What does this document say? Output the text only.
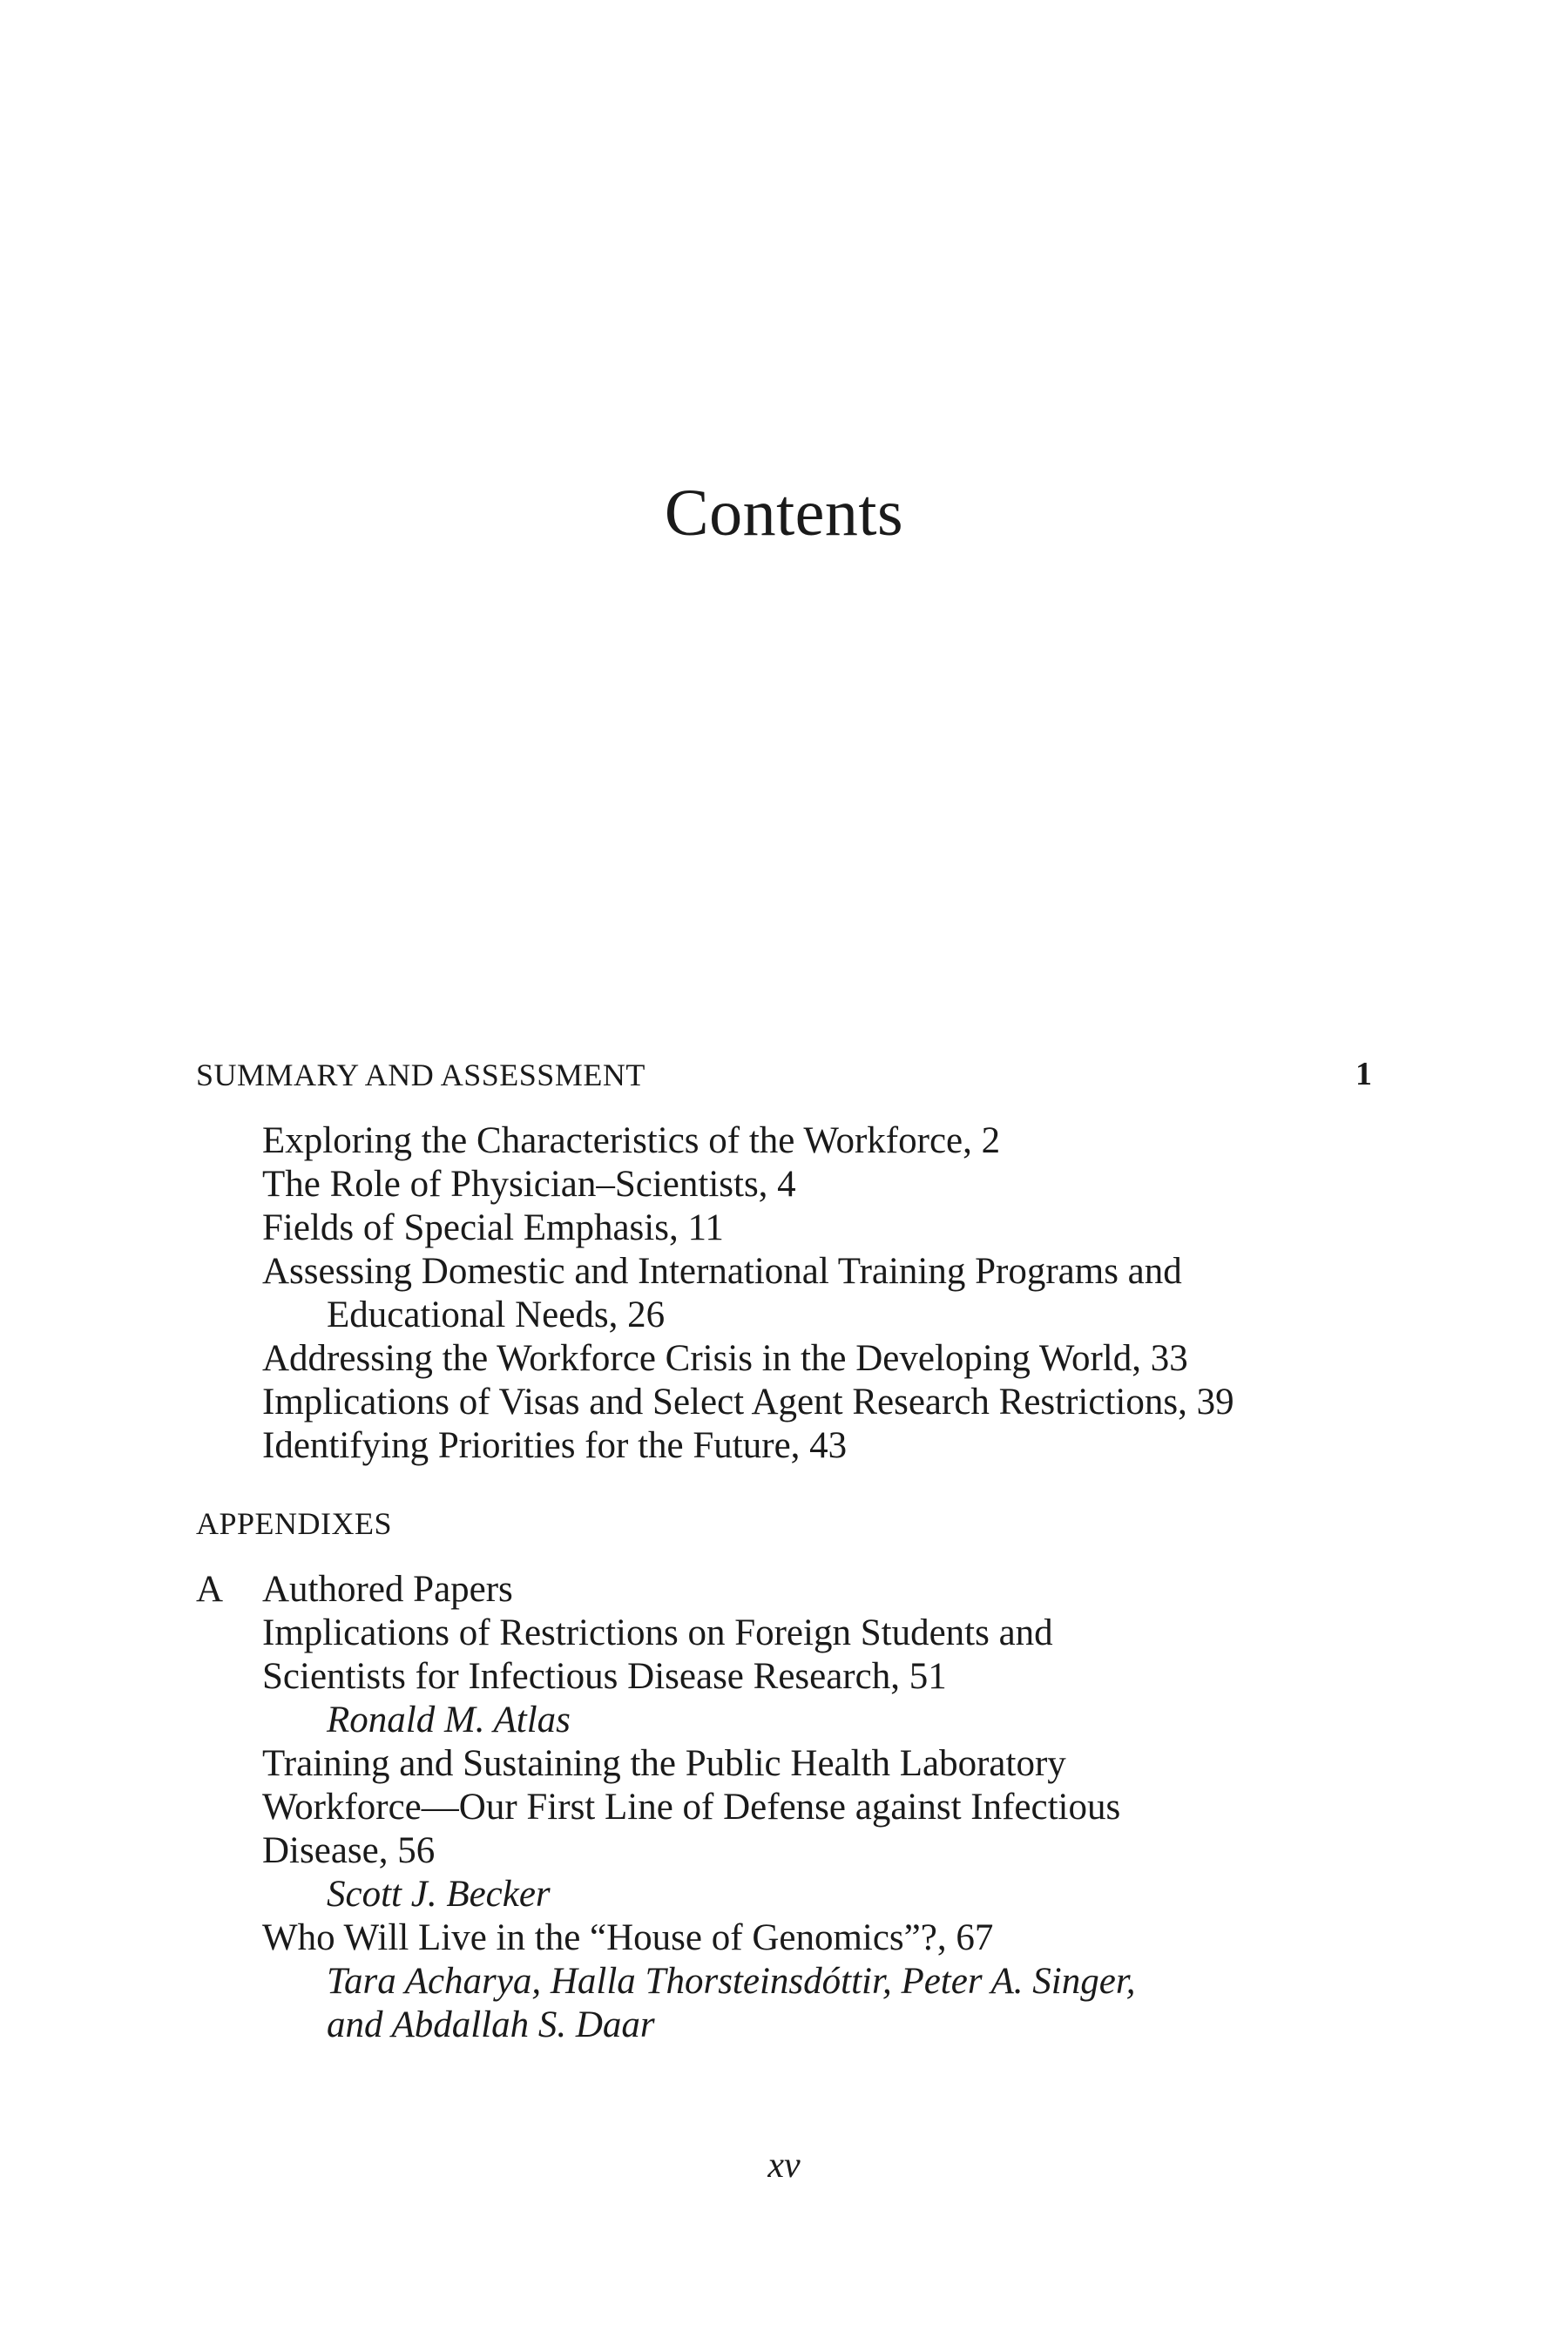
Contents
SUMMARY AND ASSESSMENT	1
Exploring the Characteristics of the Workforce, 2
The Role of Physician–Scientists, 4
Fields of Special Emphasis, 11
Assessing Domestic and International Training Programs and
Educational Needs, 26
Addressing the Workforce Crisis in the Developing World, 33
Implications of Visas and Select Agent Research Restrictions, 39
Identifying Priorities for the Future, 43
APPENDIXES
A	Authored Papers
Implications of Restrictions on Foreign Students and
Scientists for Infectious Disease Research, 51
Ronald M. Atlas
Training and Sustaining the Public Health Laboratory
Workforce—Our First Line of Defense against Infectious
Disease, 56
Scott J. Becker
Who Will Live in the “House of Genomics”?, 67
Tara Acharya, Halla Thorsteinsdóttir, Peter A. Singer,
and Abdallah S. Daar
xv
